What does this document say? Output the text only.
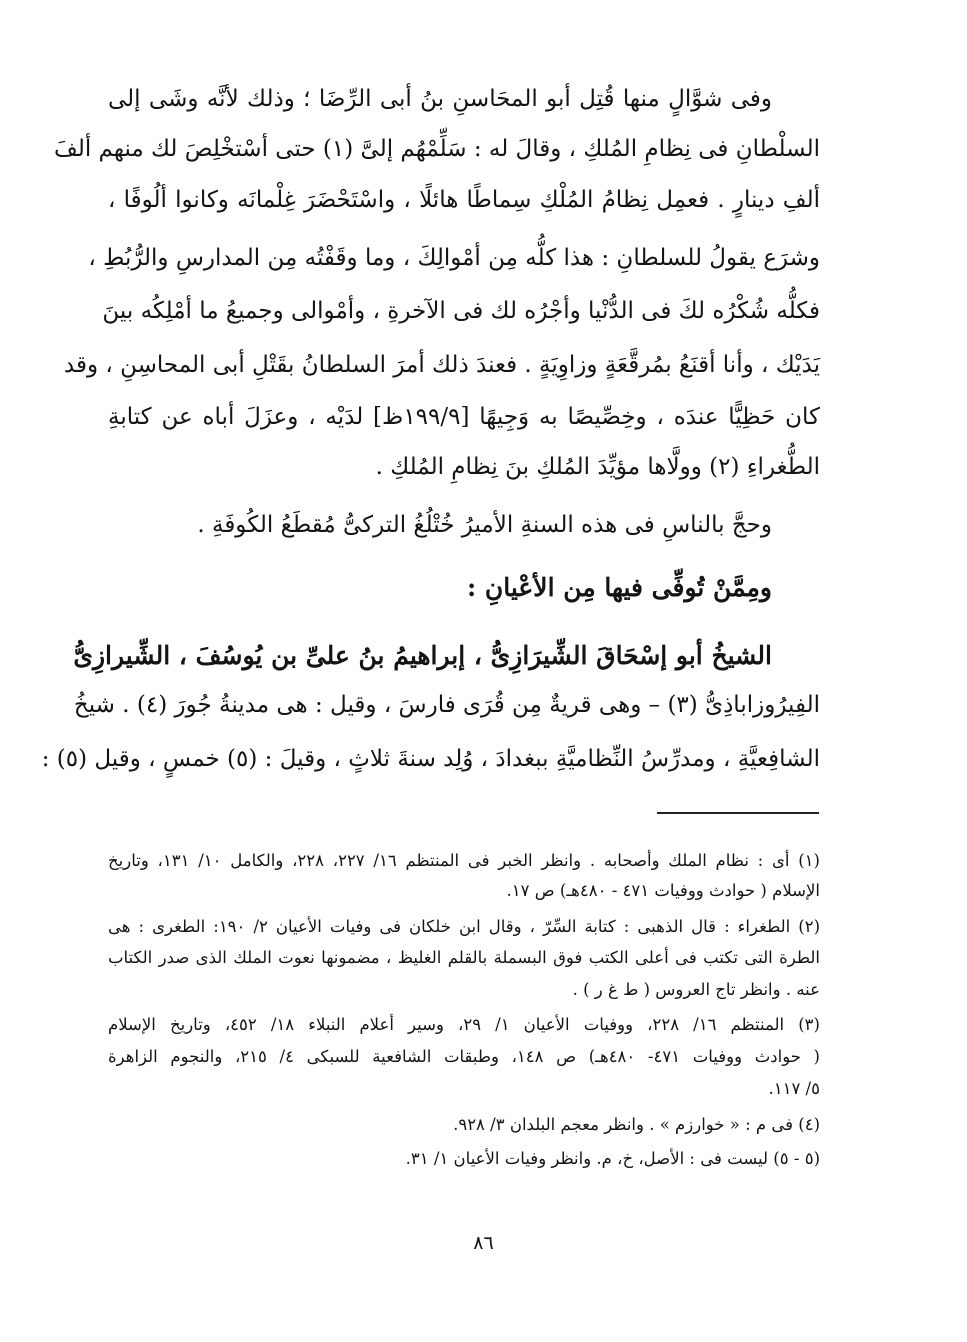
وفى شوَّالٍ منها قُتِل أبو المحَاسنِ بنُ أبى الرِّضَا ؛ وذلك لأنَّه وشَى إلى
السلْطانِ فى نِظامِ المُلكِ ، وقالَ له : سَلِّمْهُم إلىَّ (١) حتى أسْتخْلِصَ لك منهم ألفَ
ألفِ دينارٍ . فعمِل نِظامُ المُلْكِ سِماطًا هائلًا ، واسْتَحْضَرَ غِلْمانَه وكانوا ألُوفًا ،
وشرَع يقولُ للسلطانِ : هذا كلُّه مِن أمْوالِكَ ، وما وقَفْتُه مِن المدارسِ والرُّبُطِ ،
فكلُّه شُكْرُه لكَ فى الدُّنْيا وأجْرُه لك فى الآخرةِ ، وأمْوالى وجميعُ ما أمْلِكُه بينَ
يَدَيْك ، وأنا أقنَعُ بمُرقَّعَةٍ وزاوِيَةٍ . فعندَ ذلك أمرَ السلطانُ بقَتْلِ أبى المحاسِنِ ، وقد
كان حَظِيًّا عندَه ، وخِصِّيصًا به وَجِيهًا [١٩٩/٩ظ] لدَيْه ، وعزَلَ أباه عن كتابةِ
الطُّغراءِ (٢) وولَّاها مؤيِّدَ المُلكِ بنَ نِظامِ المُلكِ .
وحجَّ بالناسِ فى هذه السنةِ الأميرُ خُتْلُغُ التركىُّ مُقطَعُ الكُوفَةِ .
ومِمَّنْ تُوفِّى فيها مِن الأعْيانِ :
الشيخُ أبو إسْحَاقَ الشِّيرَازِىُّ ، إبراهيمُ بنُ علىِّ بن يُوسُفَ ، الشِّيرازِىُّ
الفِيرُوزاباذِىُّ (٣) – وهى قريةٌ مِن قُرَى فارسَ ، وقيل : هى مدينةُ جُورَ (٤) . شيخُ
الشافِعيَّةِ ، ومدرِّسُ النِّظاميَّةِ ببغدادَ ، وُلِد سنةَ ثلاثٍ ، وقيلَ : (٥) خمسٍ ، وقيل (٥) :
(١) أى : نظام الملك وأصحابه . وانظر الخبر فى المنتظم ١٦/ ٢٢٧، ٢٢٨، والكامل ١٠/ ١٣١، وتاريخ
الإسلام ( حوادث ووفيات ٤٧١ - ٤٨٠هـ) ص ١٧.
(٢) الطغراء : قال الذهبى : كتابة السِّرّ ، وقال ابن خلكان فى وفيات الأعيان ٢/ ١٩٠: الطغرى : هى
الطرة التى تكتب فى أعلى الكتب فوق البسملة بالقلم الغليظ ، مضمونها نعوت الملك الذى صدر الكتاب
عنه . وانظر تاج العروس ( ط غ ر ) .
(٣) المنتظم ١٦/ ٢٢٨، ووفيات الأعيان ١/ ٢٩، وسير أعلام النبلاء ١٨/ ٤٥٢، وتاريخ الإسلام
( حوادث ووفيات ٤٧١- ٤٨٠هـ) ص ١٤٨، وطبقات الشافعية للسبكى ٤/ ٢١٥، والنجوم الزاهرة
٥/ ١١٧.
(٤) فى م : « خوارزم » . وانظر معجم البلدان ٣/ ٩٢٨.
(٥ - ٥) ليست فى : الأصل، خ، م. وانظر وفيات الأعيان ١/ ٣١.
٨٦
